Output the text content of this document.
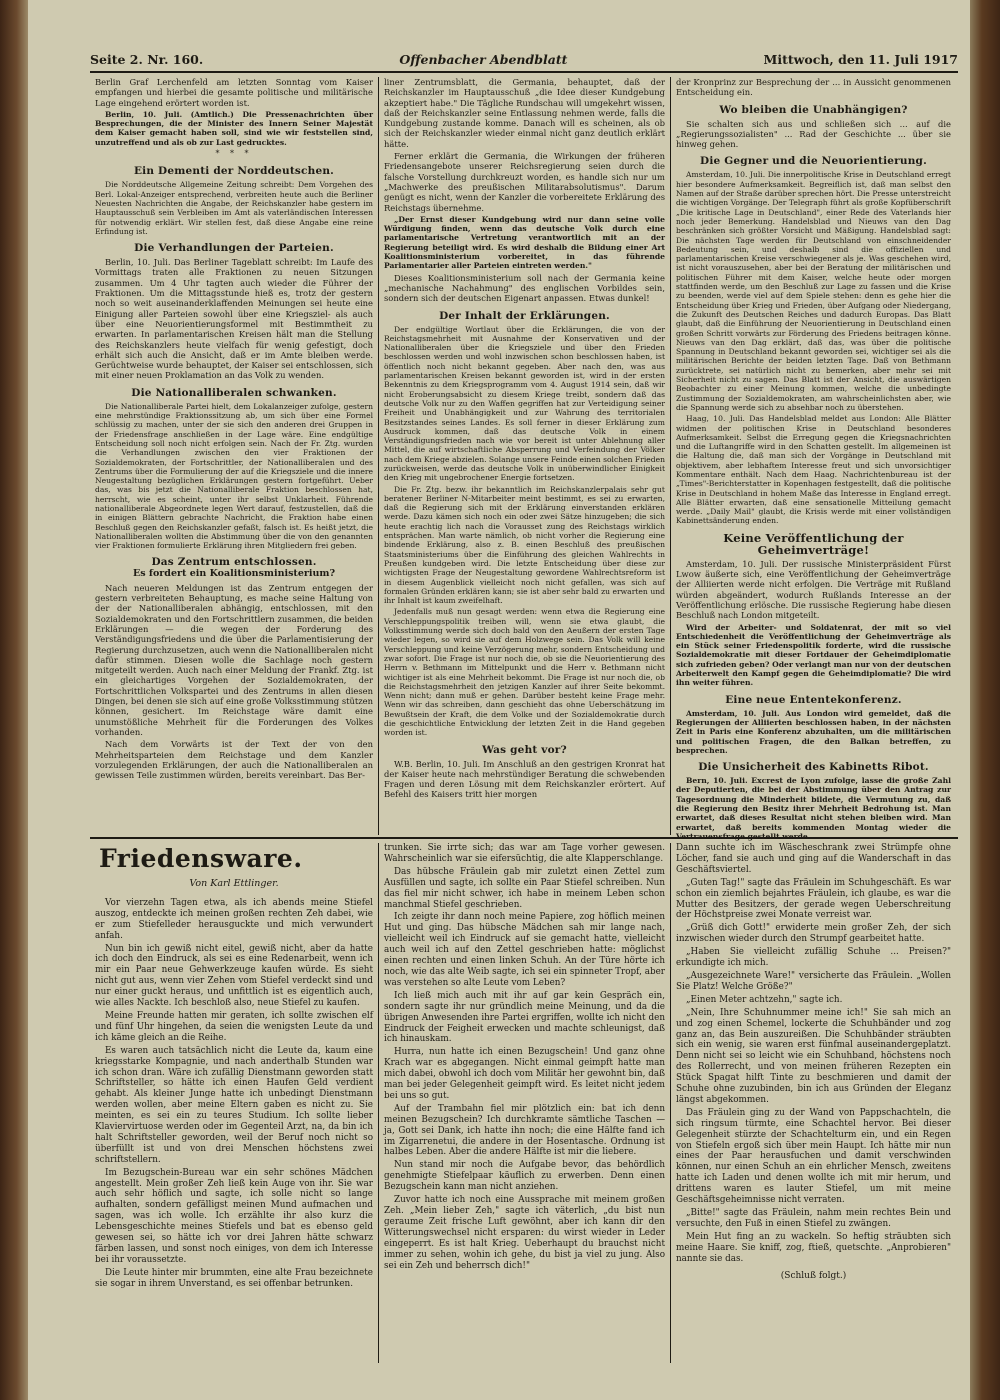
Seite 2. Nr. 160.	Offenbacher Abendblatt	Mittwoch, den 11. Juli 1917

Berlin Graf Lerchenfeld am letzten Sonntag vom Kaiser empfangen und hierbei die gesamte politische und militärische Lage eingehend erörtert worden ist.

Berlin, 10. Juli. (Amtlich.) Die Pressenachrichten über Besprechungen, die der Minister des Innern Seiner Majestät dem Kaiser gemacht haben soll, sind wie wir feststellen sind, unzutreffend und als ob zur Last gedrucktes.

* * *
Ein Dementi der Norddeutschen.

Die Norddeutsche Allgemeine Zeitung schreibt: Dem Vorgehen des Berl. Lokal-Anzeiger entsprechend, verbreiten heute auch die Berliner Neuesten Nachrichten die Angabe, der Reichskanzler habe gestern im Hauptausschuß sein Verbleiben im Amt als vaterländischen Interessen für notwendig erklärt. Wir stellen fest, daß diese Angabe eine reine Erfindung ist.

Die Verhandlungen der Parteien.

Berlin, 10. Juli. Das Berliner Tageblatt schreibt: Im Laufe des Vormittags traten alle Fraktionen zu neuen Sitzungen zusammen. Um 4 Uhr tagten auch wieder die Führer der Fraktionen. Um die Mittagsstunde hieß es, trotz der gestern noch so weit auseinanderklaffenden Meinungen sei heute eine Einigung aller Parteien sowohl über eine Kriegsziel- als auch über eine Neuorientierungsformel mit Bestimmtheit zu erwarten. In parlamentarischen Kreisen hält man die Stellung des Reichskanzlers heute vielfach für wenig gefestigt, doch erhält sich auch die Ansicht, daß er im Amte bleiben werde. Gerüchtweise wurde behauptet, der Kaiser sei entschlossen, sich mit einer neuen Proklamation an das Volk zu wenden.

Die Nationalliberalen schwanken.

Die Nationalliberale Partei hielt, dem Lokalanzeiger zufolge, gestern eine mehrstündige Fraktionssitzung ab, um sich über eine Formel schlüssig zu machen, unter der sie sich den anderen drei Gruppen in der Friedensfrage anschließen in der Lage wäre. Eine endgültige Entscheidung soll noch nicht erfolgen sein. Nach der Fr. Ztg. wurden die Verhandlungen zwischen den vier Fraktionen der Sozialdemokraten, der Fortschrittler, der Nationalliberalen und des Zentrums über die Formulierung der auf die Kriegsziele und die innere Neugestaltung bezüglichen Erklärungen gestern fortgeführt. Ueber das, was bis jetzt die Nationalliberale Fraktion beschlossen hat, herrscht, wie es scheint, unter ihr selbst Unklarheit. Führende nationalliberale Abgeordnete legen Wert darauf, festzustellen, daß die in einigen Blättern gebrachte Nachricht, die Fraktion habe einen Beschluß gegen den Reichskanzler gefaßt, falsch ist. Es heißt jetzt, die Nationalliberalen wollten die Abstimmung über die von den genannten vier Fraktionen formulierte Erklärung ihren Mitgliedern frei geben.

Das Zentrum entschlossen.
Es fordert ein Koalitionsministerium?

Nach neueren Meldungen ist das Zentrum entgegen der gestern verbreiteten Behauptung, es mache seine Haltung von der der Nationalliberalen abhängig, entschlossen, mit den Sozialdemokraten und den Fortschrittlern zusammen, die beiden Erklärungen — die wegen der Forderung des Verständigungsfriedens und die über die Parlamentisierung der Regierung durchzusetzen, auch wenn die Nationalliberalen nicht dafür stimmen. Diesen wolle die Sachlage noch gestern mitgeteilt werden. Auch nach einer Meldung der Frankf. Ztg. ist ein gleichartiges Vorgehen der Sozialdemokraten, der Fortschrittlichen Volkspartei und des Zentrums in allen diesen Dingen, bei denen sie sich auf eine große Volksstimmung stützen können, gesichert. Im Reichstage wäre damit eine unumstößliche Mehrheit für die Forderungen des Volkes vorhanden.

Nach dem Vorwärts ist der Text der von den Mehrheitsparteien dem Reichstage und dem Kanzler vorzulegenden Erklärungen, der auch die Nationalliberalen an gewissen Teile zustimmen würden, bereits vereinbart. Das Ber-

liner Zentrumsblatt, die Germania, behauptet, daß der Reichskanzler im Hauptausschuß „die Idee dieser Kundgebung akzeptiert habe." Die Tägliche Rundschau will umgekehrt wissen, daß der Reichskanzler seine Entlassung nehmen werde, falls die Kundgebung zustande komme. Danach will es scheinen, als ob sich der Reichskanzler wieder einmal nicht ganz deutlich erklärt hätte.

Ferner erklärt die Germania, die Wirkungen der früheren Friedensangebote unserer Reichsregierung seien durch die falsche Vorstellung durchkreuzt worden, es handle sich nur um „Machwerke des preußischen Militarabsolutismus". Darum genügt es nicht, wenn der Kanzler die vorbereitete Erklärung des Reichstags übernehme.

„Der Ernst dieser Kundgebung wird nur dann seine volle Würdigung finden, wenn das deutsche Volk durch eine parlamentarische Vertretung verantwortlich mit an der Regierung beteiligt wird. Es wird deshalb die Bildung einer Art Koalitionsministerium vorbereitet, in das führende Parlamentarier aller Parteien eintreten werden."

Dieses Koalitionsministerium soll nach der Germania keine „mechanische Nachahmung" des englischen Vorbildes sein, sondern sich der deutschen Eigenart anpassen. Etwas dunkel!

Der Inhalt der Erklärungen.

Der endgültige Wortlaut über die Erklärungen, die von der Reichstagsmehrheit mit Ausnahme der Konservativen und der Nationalliberalen über die Kriegsziele und über den Frieden beschlossen werden und wohl inzwischen schon beschlossen haben, ist öffentlich noch nicht bekannt gegeben. Aber nach den, was aus parlamentarischen Kreisen bekannt geworden ist, wird in der ersten Bekenntnis zu dem Kriegsprogramm vom 4. August 1914 sein, daß wir nicht Eroberungsabsicht zu diesem Kriege treibt, sondern daß das deutsche Volk nur zu den Waffen gegriffen hat zur Verteidigung seiner Freiheit und Unabhängigkeit und zur Wahrung des territorialen Besitzstandes seines Landes. Es soll ferner in dieser Erklärung zum Ausdruck kommen, daß das deutsche Volk in einem Verständigungsfrieden nach wie vor bereit ist unter Ablehnung aller Mittel, die auf wirtschaftliche Absperrung und Verfeindung der Völker nach dem Kriege abzielen. Solange unsere Feinde einen solchen Frieden zurückweisen, werde das deutsche Volk in unüberwindlicher Einigkeit den Krieg mit ungebrochener Energie fortsetzen.

Die Fr. Ztg. bezw. ihr bekanntlich im Reichskanzlerpalais sehr gut beratener Berliner N-Mitarbeiter meint bestimmt, es sei zu erwarten, daß die Regierung sich mit der Erklärung einverstanden erklären werde. Dazu kämen sich noch ein oder zwei Sätze hinzugeben; die sich heute erachtig lich nach die Vorausset zung des Reichstags wirklich entsprächen. Man warte nämlich, ob nicht vorher die Regierung eine bindende Erklärung, also z. B. einen Beschluß des preußischen Staatsministeriums über die Einführung des gleichen Wahlrechts in Preußen kundgeben wird. Die letzte Entscheidung über diese zur wichtigsten Frage der Neugestaltung gewordene Wahlrechtsreform ist in diesem Augenblick vielleicht noch nicht gefallen, was sich auf formalen Gründen erklären kann; sie ist aber sehr bald zu erwarten und ihr Inhalt ist kaum zweifelhaft.

Jedenfalls muß nun gesagt werden: wenn etwa die Regierung eine Verschleppungspolitik treiben will, wenn sie etwa glaubt, die Volksstimmung werde sich doch bald von den Aeußern der ersten Tage wieder legen, so wird sie auf dem Holzwege sein. Das Volk will keine Verschleppung und keine Verzögerung mehr, sondern Entscheidung und zwar sofort. Die Frage ist nur noch die, ob sie die Neuorientierung des Herrn v. Bethmann im Mittelpunkt und die Herr v. Bethmann nicht wichtiger ist als eine Mehrheit bekommt. Die Frage ist nur noch die, ob die Reichstagsmehrheit den jetzigen Kanzler auf ihrer Seite bekommt. Wenn nicht; dann muß er gehen. Darüber besteht keine Frage mehr. Wenn wir das schreiben, dann geschieht das ohne Ueberschätzung im Bewußtsein der Kraft, die dem Volke und der Sozialdemokratie durch die geschichtliche Entwicklung der letzten Zeit in die Hand gegeben worden ist.

Was geht vor?

W.B. Berlin, 10. Juli. Im Anschluß an den gestrigen Kronrat hat der Kaiser heute nach mehrstündiger Beratung die schwebenden Fragen und deren Lösung mit dem Reichskanzler erörtert. Auf Befehl des Kaisers tritt hier morgen

der Kronprinz zur Besprechung der ... in Aussicht genommenen Entscheidung ein.

Wo bleiben die Unabhängigen?

Sie schalten sich aus und schließen sich ... auf die „Regierungssozialisten" ... Rad der Geschichte ... über sie hinweg gehen.

Die Gegner und die Neuorientierung.

Amsterdam, 10. Juli. Die innerpolitische Krise in Deutschland erregt hier besondere Aufmerksamkeit. Begreiflich ist, daß man selbst den Namen auf der Straße darüber sprechen hört. Die Presse unterstreicht die wichtigen Vorgänge. Der Telegraph führt als große Kopfüberschrift „Die kritische Lage in Deutschland", einer Rede des Vaterlands hier noch jeder Bemerkung. Handelsblad und Nieuws van den Dag beschränken sich größter Vorsicht und Mäßigung. Handelsblad sagt: Die nächsten Tage werden für Deutschland von einschneidender Bedeutung sein, und deshalb sind die offiziellen und parlamentarischen Kreise verschwiegener als je. Was geschehen wird, ist nicht vorauszusehen, aber bei der Beratung der militärischen und politischen Führer mit dem Kaiser, welche heute oder morgen stattfinden werde, um den Beschluß zur Lage zu fassen und die Krise zu beenden, werde viel auf dem Spiele stehen: denn es gehe hier die Entscheidung über Krieg und Frieden, über Aufgang oder Niedergang, die Zukunft des Deutschen Reiches und dadurch Europas. Das Blatt glaubt, daß die Einführung der Neuorientierung in Deutschland einen großen Schritt vorwärts zur Förderung des Friedens beitragen könne. Nieuws van den Dag erklärt, daß das, was über die politische Spannung in Deutschland bekannt geworden sei, wichtiger sei als die militärischen Berichte der beiden letzten Tage. Daß von Bethmann zurücktrete, sei natürlich nicht zu bemerken, aber mehr sei mit Sicherheit nicht zu sagen. Das Blatt ist der Ansicht, die auswärtigen Beobachter zu einer Meinung kommen, welche die unbedingte Zustimmung der Sozialdemokraten, am wahrscheinlichsten aber, wie die Spannung werde sich zu absehbar noch zu überstehen.

Haag, 10. Juli. Das Handelsblad meldet aus London: Alle Blätter widmen der politischen Krise in Deutschland besonderes Aufmerksamkeit. Selbst die Erregung gegen die Kriegsnachrichten und die Luftangriffe wird in den Schatten gestellt. Im allgemeinen ist die Haltung die, daß man sich der Vorgänge in Deutschland mit objektivem, aber lebhaftem Interesse freut und sich unvorsichtiger Kommentare enthält. Nach dem Haag. Nachrichtenbureau ist der „Times"-Berichterstatter in Kopenhagen festgestellt, daß die politische Krise in Deutschland in hohem Maße das Interesse in England erregt. Alle Blätter erwarten, daß eine sensationelle Mitteilung gemacht werde. „Daily Mail" glaubt, die Krisis werde mit einer vollständigen Kabinettsänderung enden.

Keine Veröffentlichung der Geheimverträge!

Amsterdam, 10. Juli. Der russische Ministerpräsident Fürst Lwow äußerte sich, eine Veröffentlichung der Geheimverträge der Alliierten werde nicht erfolgen. Die Verträge mit Rußland würden abgeändert, wodurch Rußlands Interesse an der Veröffentlichung erlösche. Die russische Regierung habe diesen Beschluß nach London mitgeteilt.

Wird der Arbeiter- und Soldatenrat, der mit so viel Entschiedenheit die Veröffentlichung der Geheimverträge als ein Stück seiner Friedenspolitik forderte, wird die russische Sozialdemokratie mit dieser Fortdauer der Geheimdiplomatie sich zufrieden geben? Oder verlangt man nur von der deutschen Arbeiterwelt den Kampf gegen die Geheimdiplomatie? Die wird ihn weiter führen.

Eine neue Ententekonferenz.

Amsterdam, 10. Juli. Aus London wird gemeldet, daß die Regierungen der Alliierten beschlossen haben, in der nächsten Zeit in Paris eine Konferenz abzuhalten, um die militärischen und politischen Fragen, die den Balkan betreffen, zu besprechen.

Die Unsicherheit des Kabinetts Ribot.

Bern, 10. Juli. Excrest de Lyon zufolge, lasse die große Zahl der Deputierten, die bei der Abstimmung über den Antrag zur Tagesordnung die Minderheit bildete, die Vermutung zu, daß die Regierung den Besitz ihrer Mehrheit Bedrohung ist. Man erwartet, daß dieses Resultat nicht stehen bleiben wird. Man erwartet, daß bereits kommenden Montag wieder die Vertrauensfrage gestellt werde.

Friedensware.
Von Karl Ettlinger.

Vor vierzehn Tagen etwa, als ich abends meine Stiefel auszog, entdeckte ich meinen großen rechten Zeh dabei, wie er zum Stiefelleder herausguckte und mich verwundert anfah.

Nun bin ich gewiß nicht eitel, gewiß nicht, aber da hatte ich doch den Eindruck, als sei es eine Redenarbeit, wenn ich mir ein Paar neue Gehwerkzeuge kaufen würde. Es sieht nicht gut aus, wenn vier Zehen vom Stiefel verdeckt sind und nur einer guckt heraus, und unfittlich ist es eigentlich auch, wie alles Nackte. Ich beschloß also, neue Stiefel zu kaufen.

Meine Freunde hatten mir geraten, ich sollte zwischen elf und fünf Uhr hingehen, da seien die wenigsten Leute da und ich käme gleich an die Reihe.

Es waren auch tatsächlich nicht die Leute da, kaum eine kriegsstarke Kompagnie, und nach anderthalb Stunden war ich schon dran. Wäre ich zufällig Dienstmann geworden statt Schriftsteller, so hätte ich einen Haufen Geld verdient gehabt. Als kleiner Junge hatte ich unbedingt Dienstmann werden wollen, aber meine Eltern gaben es nicht zu. Sie meinten, es sei ein zu teures Studium. Ich sollte lieber Klaviervirtuose werden oder im Gegenteil Arzt, na, da bin ich halt Schriftsteller geworden, weil der Beruf noch nicht so überfüllt ist und von drei Menschen höchstens zwei schriftstellern.

Im Bezugschein-Bureau war ein sehr schönes Mädchen angestellt. Mein großer Zeh ließ kein Auge von ihr. Sie war auch sehr höflich und sagte, ich solle nicht so lange aufhalten, sondern gefälligst meinen Mund aufmachen und sagen, was ich wolle. Ich erzählte ihr also kurz die Lebensgeschichte meines Stiefels und bat es ebenso geld gewesen sei, so hätte ich vor drei Jahren hätte schwarz färben lassen, und sonst noch einiges, von dem ich Interesse bei ihr voraussetzte.

Die Leute hinter mir brummten, eine alte Frau bezeichnete sie sogar in ihrem Unverstand, es sei offenbar betrunken.

trunken. Sie irrte sich; das war am Tage vorher gewesen. Wahrscheinlich war sie eifersüchtig, die alte Klapperschlange.

Das hübsche Fräulein gab mir zuletzt einen Zettel zum Ausfüllen und sagte, ich sollte ein Paar Stiefel schreiben. Nun das fiel mir nicht schwer, ich habe in meinem Leben schon manchmal Stiefel geschrieben.

Ich zeigte ihr dann noch meine Papiere, zog höflich meinen Hut und ging. Das hübsche Mädchen sah mir lange nach, vielleicht weil ich Eindruck auf sie gemacht hatte, vielleicht auch weil ich auf den Zettel geschrieben hatte: möglichst einen rechten und einen linken Schuh. An der Türe hörte ich noch, wie das alte Weib sagte, ich sei ein spinneter Tropf, aber was verstehen so alte Leute vom Leben?

Ich ließ mich auch mit ihr auf gar kein Gespräch ein, sondern sagte ihr nur gründlich meine Meinung, und da die übrigen Anwesenden ihre Partei ergriffen, wollte ich nicht den Eindruck der Feigheit erwecken und machte schleunigst, daß ich hinauskam.

Hurra, nun hatte ich einen Bezugschein! Und ganz ohne Krach war es abgegangen. Nicht einmal geimpft hatte man mich dabei, obwohl ich doch vom Militär her gewohnt bin, daß man bei jeder Gelegenheit geimpft wird. Es leitet nicht jedem bei uns so gut.

Auf der Trambahn fiel mir plötzlich ein: bat ich denn meinen Bezugschein? Ich durchkramte sämtliche Taschen — ja, Gott sei Dank, ich hatte ihn noch; die eine Hälfte fand ich im Zigarrenetui, die andere in der Hosentasche. Ordnung ist halbes Leben. Aber die andere Hälfte ist mir die liebere.

Nun stand mir noch die Aufgabe bevor, das behördlich genehmigte Stiefelpaar käuflich zu erwerben. Denn einen Bezugschein kann man nicht anziehen.

Zuvor hatte ich noch eine Aussprache mit meinem großen Zeh. „Mein lieber Zeh," sagte ich väterlich, „du bist nun geraume Zeit frische Luft gewöhnt, aber ich kann dir den Witterungswechsel nicht ersparen: du wirst wieder in Leder eingeperrt. Es ist halt Krieg. Ueberhaupt du brauchst nicht immer zu sehen, wohin ich gehe, du bist ja viel zu jung. Also sei ein Zeh und beherrsch dich!"

Dann suchte ich im Wäscheschrank zwei Strümpfe ohne Löcher, fand sie auch und ging auf die Wanderschaft in das Geschäftsviertel.

„Guten Tag!" sagte das Fräulein im Schuhgeschäft. Es war schon ein ziemlich bejahrtes Fräulein, ich glaube, es war die Mutter des Besitzers, der gerade wegen Ueberschreitung der Höchstpreise zwei Monate verreist war.

„Grüß dich Gott!" erwiderte mein großer Zeh, der sich inzwischen wieder durch den Strumpf gearbeitet hatte.

„Haben Sie vielleicht zufällig Schuhe ... Preisen?" erkundigte ich mich.

„Ausgezeichnete Ware!" versicherte das Fräulein. „Wollen Sie Platz! Welche Größe?"

„Einen Meter achtzehn," sagte ich.

„Nein, Ihre Schuhnummer meine ich!" Sie sah mich an und zog einen Schemel, lockerte die Schuhbänder und zog ganz an, das Bein auszureißen. Die Schuhbänder sträubten sich ein wenig, sie waren erst fünfmal auseinandergeplatzt. Denn nicht sei so leicht wie ein Schuhband, höchstens noch des Rollerrecht, und von meinen früheren Rezepten ein Stück Spagat hilft Tinte zu beschmieren und damit der Schuhe ohne zuzubinden, bin ich aus Gründen der Eleganz längst abgekommen.

Das Fräulein ging zu der Wand von Pappschachteln, die sich ringsum türmte, eine Schachtel hervor. Bei dieser Gelegenheit stürzte der Schachtelturm ein, und ein Regen von Stiefeln ergoß sich über mein Haupt. Ich hätte mir nun eines der Paar herausfuchen und damit verschwinden können, nur einen Schuh an ein ehrlicher Mensch, zweitens hatte ich Laden und denen wollte ich mit mir herum, und drittens waren es lauter Stiefel, um mit meine Geschäftsgeheimnisse nicht verraten.

„Bitte!" sagte das Fräulein, nahm mein rechtes Bein und versuchte, den Fuß in einen Stiefel zu zwängen.

Mein Hut fing an zu wackeln. So heftig sträubten sich meine Haare. Sie kniff, zog, ftieß, quetschte. „Anprobieren" nannte sie das.

(Schluß folgt.)
